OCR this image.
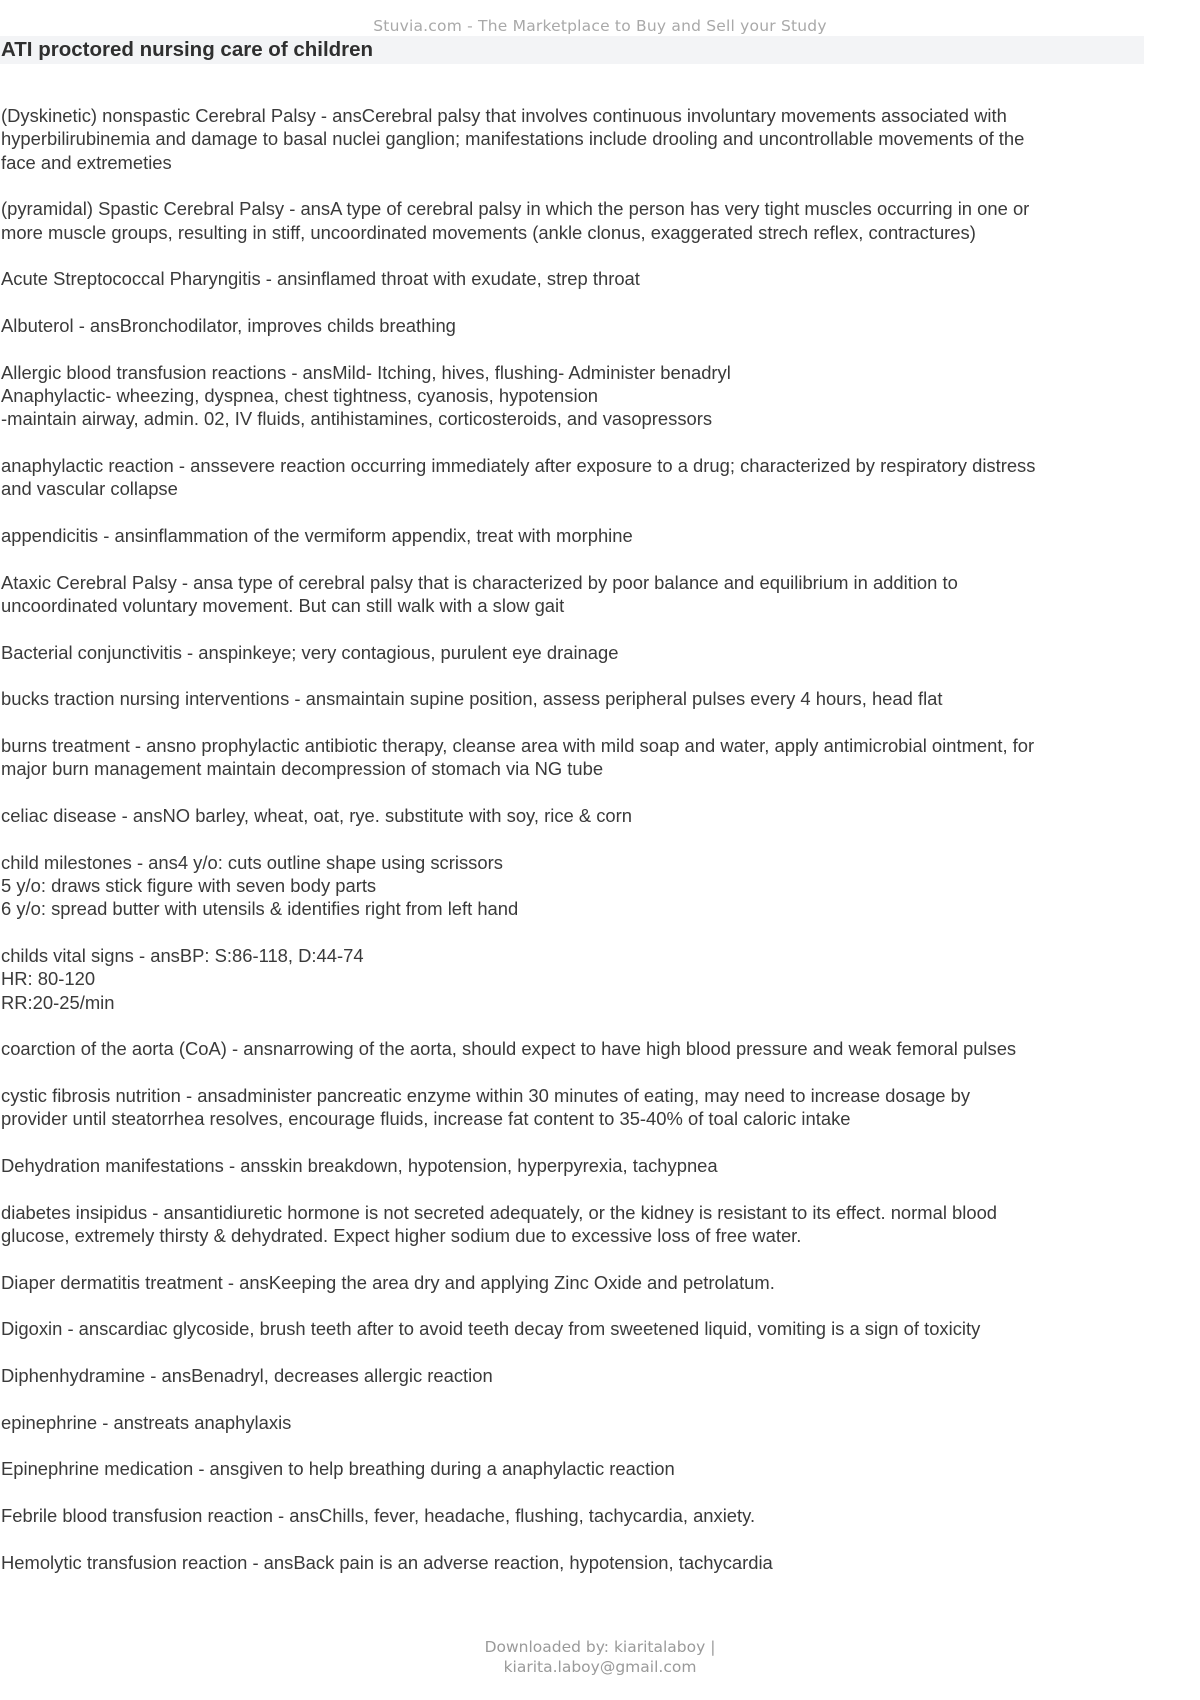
Stuvia.com - The Marketplace to Buy and Sell your Study
ATI proctored nursing care of children
(Dyskinetic) nonspastic Cerebral Palsy - ansCerebral palsy that involves continuous involuntary movements associated with
hyperbilirubinemia and damage to basal nuclei ganglion; manifestations include drooling and uncontrollable movements of the
face and extremeties
(pyramidal) Spastic Cerebral Palsy - ansA type of cerebral palsy in which the person has very tight muscles occurring in one or
more muscle groups, resulting in stiff, uncoordinated movements (ankle clonus, exaggerated strech reflex, contractures)
Acute Streptococcal Pharyngitis - ansinflamed throat with exudate, strep throat
Albuterol - ansBronchodilator, improves childs breathing
Allergic blood transfusion reactions - ansMild- Itching, hives, flushing- Administer benadryl
Anaphylactic- wheezing, dyspnea, chest tightness, cyanosis, hypotension
-maintain airway, admin. 02, IV fluids, antihistamines, corticosteroids, and vasopressors
anaphylactic reaction - anssevere reaction occurring immediately after exposure to a drug; characterized by respiratory distress
and vascular collapse
appendicitis - ansinflammation of the vermiform appendix, treat with morphine
Ataxic Cerebral Palsy - ansa type of cerebral palsy that is characterized by poor balance and equilibrium in addition to
uncoordinated voluntary movement. But can still walk with a slow gait
Bacterial conjunctivitis - anspinkeye; very contagious, purulent eye drainage
bucks traction nursing interventions - ansmaintain supine position, assess peripheral pulses every 4 hours, head flat
burns treatment - ansno prophylactic antibiotic therapy, cleanse area with mild soap and water, apply antimicrobial ointment, for
major burn management maintain decompression of stomach via NG tube
celiac disease - ansNO barley, wheat, oat, rye. substitute with soy, rice & corn
child milestones - ans4 y/o: cuts outline shape using scrissors
5 y/o: draws stick figure with seven body parts
6 y/o: spread butter with utensils & identifies right from left hand
childs vital signs - ansBP: S:86-118, D:44-74
HR: 80-120
RR:20-25/min
coarction of the aorta (CoA) - ansnarrowing of the aorta, should expect to have high blood pressure and weak femoral pulses
cystic fibrosis nutrition - ansadminister pancreatic enzyme within 30 minutes of eating, may need to increase dosage by
provider until steatorrhea resolves, encourage fluids, increase fat content to 35-40% of toal caloric intake
Dehydration manifestations - ansskin breakdown, hypotension, hyperpyrexia, tachypnea
diabetes insipidus - ansantidiuretic hormone is not secreted adequately, or the kidney is resistant to its effect. normal blood
glucose, extremely thirsty & dehydrated. Expect higher sodium due to excessive loss of free water.
Diaper dermatitis treatment - ansKeeping the area dry and applying Zinc Oxide and petrolatum.
Digoxin - anscardiac glycoside, brush teeth after to avoid teeth decay from sweetened liquid, vomiting is a sign of toxicity
Diphenhydramine - ansBenadryl, decreases allergic reaction
epinephrine - anstreats anaphylaxis
Epinephrine medication - ansgiven to help breathing during a anaphylactic reaction
Febrile blood transfusion reaction - ansChills, fever, headache, flushing, tachycardia, anxiety.
Hemolytic transfusion reaction - ansBack pain is an adverse reaction, hypotension, tachycardia
Downloaded by: kiaritalaboy |
kiarita.laboy@gmail.com
